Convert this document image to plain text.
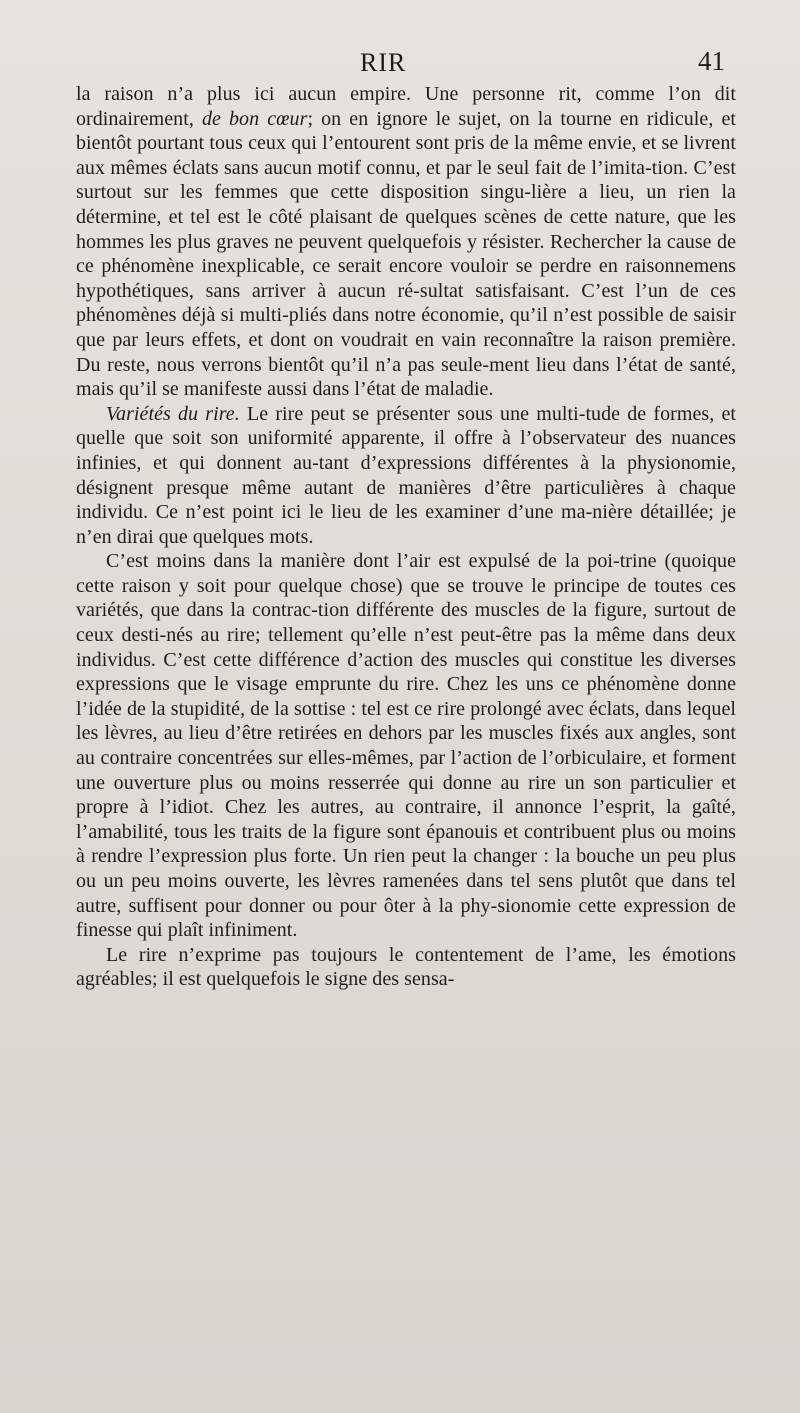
RIR	41

la raison n’a plus ici aucun empire. Une personne rit, comme l’on dit ordinairement, de bon cœur; on en ignore le sujet, on la tourne en ridicule, et bientôt pourtant tous ceux qui l’entourent sont pris de la même envie, et se livrent aux mêmes éclats sans aucun motif connu, et par le seul fait de l’imita-tion. C’est surtout sur les femmes que cette disposition singu-lière a lieu, un rien la détermine, et tel est le côté plaisant de quelques scènes de cette nature, que les hommes les plus graves ne peuvent quelquefois y résister. Rechercher la cause de ce phénomène inexplicable, ce serait encore vouloir se perdre en raisonnemens hypothétiques, sans arriver à aucun ré-sultat satisfaisant. C’est l’un de ces phénomènes déjà si multi-pliés dans notre économie, qu’il n’est possible de saisir que par leurs effets, et dont on voudrait en vain reconnaître la raison première. Du reste, nous verrons bientôt qu’il n’a pas seule-ment lieu dans l’état de santé, mais qu’il se manifeste aussi dans l’état de maladie.

Variétés du rire. Le rire peut se présenter sous une multi-tude de formes, et quelle que soit son uniformité apparente, il offre à l’observateur des nuances infinies, et qui donnent au-tant d’expressions différentes à la physionomie, désignent presque même autant de manières d’être particulières à chaque individu. Ce n’est point ici le lieu de les examiner d’une ma-nière détaillée; je n’en dirai que quelques mots.

C’est moins dans la manière dont l’air est expulsé de la poi-trine (quoique cette raison y soit pour quelque chose) que se trouve le principe de toutes ces variétés, que dans la contrac-tion différente des muscles de la figure, surtout de ceux desti-nés au rire; tellement qu’elle n’est peut-être pas la même dans deux individus. C’est cette différence d’action des muscles qui constitue les diverses expressions que le visage emprunte du rire. Chez les uns ce phénomène donne l’idée de la stupidité, de la sottise : tel est ce rire prolongé avec éclats, dans lequel les lèvres, au lieu d’être retirées en dehors par les muscles fixés aux angles, sont au contraire concentrées sur elles-mêmes, par l’action de l’orbiculaire, et forment une ouverture plus ou moins resserrée qui donne au rire un son particulier et propre à l’idiot. Chez les autres, au contraire, il annonce l’esprit, la gaîté, l’amabilité, tous les traits de la figure sont épanouis et contribuent plus ou moins à rendre l’expression plus forte. Un rien peut la changer : la bouche un peu plus ou un peu moins ouverte, les lèvres ramenées dans tel sens plutôt que dans tel autre, suffisent pour donner ou pour ôter à la phy-sionomie cette expression de finesse qui plaît infiniment.

Le rire n’exprime pas toujours le contentement de l’ame, les émotions agréables; il est quelquefois le signe des sensa-
